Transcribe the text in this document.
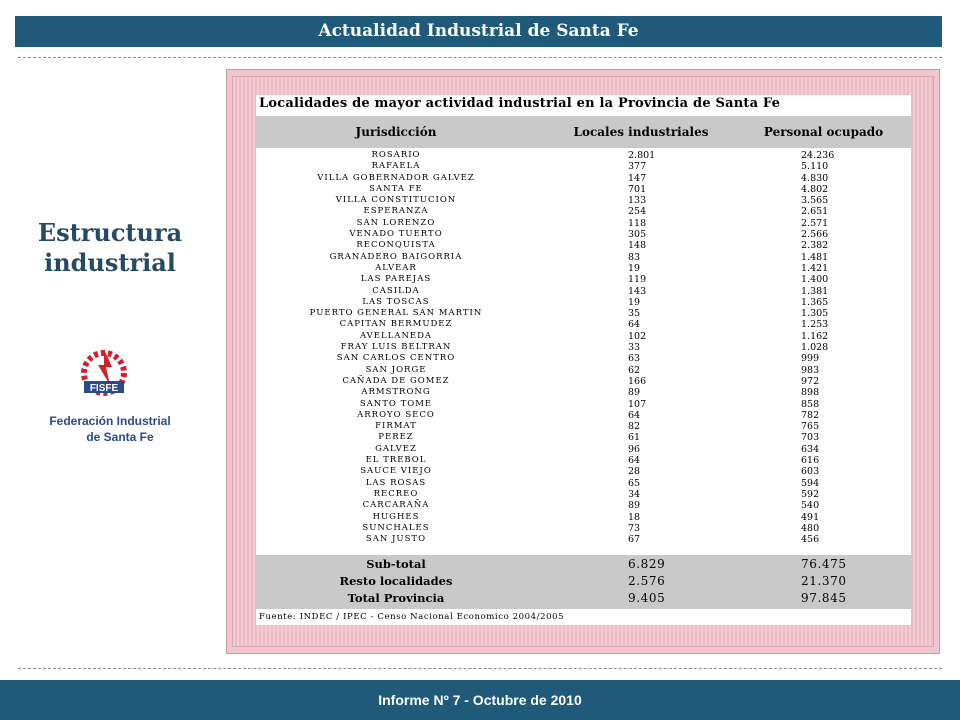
Actualidad Industrial de Santa Fe
Estructura
industrial
FISFE
Federación Industrial
de Santa Fe
Localidades de mayor actividad industrial en la Provincia de Santa Fe
Jurisdicción	Locales industriales	Personal ocupado
ROSARIO	2.801	24.236
RAFAELA	377	5.110
VILLA GOBERNADOR GALVEZ	147	4.830
SANTA FE	701	4.802
VILLA CONSTITUCION	133	3.565
ESPERANZA	254	2.651
SAN LORENZO	118	2.571
VENADO TUERTO	305	2.566
RECONQUISTA	148	2.382
GRANADERO BAIGORRIA	83	1.481
ALVEAR	19	1.421
LAS PAREJAS	119	1.400
CASILDA	143	1.381
LAS TOSCAS	19	1.365
PUERTO GENERAL SAN MARTIN	35	1.305
CAPITAN BERMUDEZ	64	1.253
AVELLANEDA	102	1.162
FRAY LUIS BELTRAN	33	1.028
SAN CARLOS CENTRO	63	999
SAN JORGE	62	983
CAÑADA DE GOMEZ	166	972
ARMSTRONG	89	898
SANTO TOME	107	858
ARROYO SECO	64	782
FIRMAT	82	765
PEREZ	61	703
GALVEZ	96	634
EL TREBOL	64	616
SAUCE VIEJO	28	603
LAS ROSAS	65	594
RECREO	34	592
CARCARAÑA	89	540
HUGHES	18	491
SUNCHALES	73	480
SAN JUSTO	67	456
Sub-total	6.829	76.475
Resto localidades	2.576	21.370
Total Provincia	9.405	97.845
Fuente: INDEC / IPEC - Censo Nacional Economico 2004/2005
Informe Nº 7 - Octubre de 2010
